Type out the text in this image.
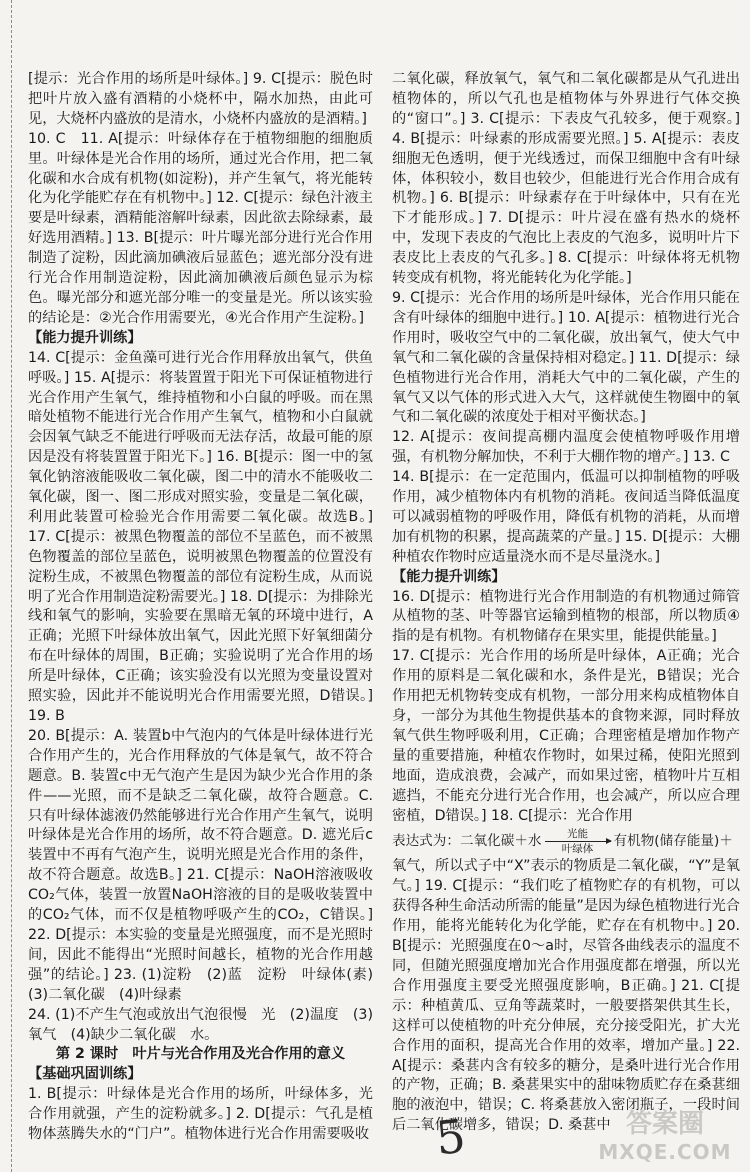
[提示：光合作用的场所是叶绿体。] 9. C[提示：脱色时把叶片放入盛有酒精的小烧杯中，隔水加热，由此可见，大烧杯内盛放的是清水，小烧杯内盛放的是酒精。]

10. C　11. A[提示：叶绿体存在于植物细胞的细胞质里。叶绿体是光合作用的场所，通过光合作用，把二氧化碳和水合成有机物(如淀粉)，并产生氧气，将光能转化为化学能贮存在有机物中。] 12. C[提示：绿色汁液主要是叶绿素，酒精能溶解叶绿素，因此欲去除绿素，最好选用酒精。] 13. B[提示：叶片曝光部分进行光合作用制造了淀粉，因此滴加碘液后显蓝色；遮光部分没有进行光合作用制造淀粉，因此滴加碘液后颜色显示为棕色。曝光部分和遮光部分唯一的变量是光。所以该实验的结论是：②光合作用需要光，④光合作用产生淀粉。]

【能力提升训练】

14. C[提示：金鱼藻可进行光合作用释放出氧气，供鱼呼吸。] 15. A[提示：将装置置于阳光下可保证植物进行光合作用产生氧气，维持植物和小白鼠的呼吸。而在黑暗处植物不能进行光合作用产生氧气，植物和小白鼠就会因氧气缺乏不能进行呼吸而无法存活，故最可能的原因是没有将装置置于阳光下。] 16. B[提示：图一中的氢氧化钠溶液能吸收二氧化碳，图二中的清水不能吸收二氧化碳，图一、图二形成对照实验，变量是二氧化碳，利用此装置可检验光合作用需要二氧化碳。故选B。] 17. C[提示：被黑色物覆盖的部位不呈蓝色，而不被黑色物覆盖的部位呈蓝色，说明被黑色物覆盖的位置没有淀粉生成，不被黑色物覆盖的部位有淀粉生成，从而说明了光合作用制造淀粉需要光。] 18. D[提示：为排除光线和氧气的影响，实验要在黑暗无氧的环境中进行，A正确；光照下叶绿体放出氧气，因此光照下好氧细菌分布在叶绿体的周围，B正确；实验说明了光合作用的场所是叶绿体，C正确；该实验没有以光照为变量设置对照实验，因此并不能说明光合作用需要光照，D错误。] 19. B

20. B[提示：A. 装置b中气泡内的气体是叶绿体进行光合作用产生的，光合作用释放的气体是氧气，故不符合题意。B. 装置c中无气泡产生是因为缺少光合作用的条件——光照，而不是缺乏二氧化碳，故符合题意。C. 只有叶绿体滤液仍然能够进行光合作用产生氧气，说明叶绿体是光合作用的场所，故不符合题意。D. 遮光后c装置中不再有气泡产生，说明光照是光合作用的条件，故不符合题意。故选B。] 21. C[提示：NaOH溶液吸收CO₂气体，装置一放置NaOH溶液的目的是吸收装置中的CO₂气体，而不仅是植物呼吸产生的CO₂，C错误。] 22. D[提示：本实验的变量是光照强度，而不是光照时间，因此不能得出“光照时间越长，植物的光合作用越强”的结论。] 23. (1)淀粉　(2)蓝　淀粉　叶绿体(素)　(3)二氧化碳　(4)叶绿素

24. (1)不产生气泡或放出气泡很慢　光　(2)温度　(3)氧气　(4)缺少二氧化碳　水。

第 2 课时　叶片与光合作用及光合作用的意义

【基础巩固训练】

1. B[提示：叶绿体是光合作用的场所，叶绿体多，光合作用就强，产生的淀粉就多。] 2. D[提示：气孔是植物体蒸腾失水的“门户”。植物体进行光合作用需要吸收

二氧化碳，释放氧气，氧气和二氧化碳都是从气孔进出植物体的，所以气孔也是植物体与外界进行气体交换的“窗口”。] 3. C[提示：下表皮气孔较多，便于观察。] 4. B[提示：叶绿素的形成需要光照。] 5. A[提示：表皮细胞无色透明，便于光线透过，而保卫细胞中含有叶绿体，体积较小，数目也较少，但能进行光合作用合成有机物。] 6. B[提示：叶绿素存在于叶绿体中，只有在光下才能形成。] 7. D[提示：叶片浸在盛有热水的烧杯中，发现下表皮的气泡比上表皮的气泡多，说明叶片下表皮比上表皮的气孔多。] 8. C[提示：叶绿体将无机物转变成有机物，将光能转化为化学能。]

9. C[提示：光合作用的场所是叶绿体，光合作用只能在含有叶绿体的细胞中进行。] 10. A[提示：植物进行光合作用时，吸收空气中的二氧化碳，放出氧气，使大气中氧气和二氧化碳的含量保持相对稳定。] 11. D[提示：绿色植物进行光合作用，消耗大气中的二氧化碳，产生的氧气又以气体的形式进入大气，这样就使生物圈中的氧气和二氧化碳的浓度处于相对平衡状态。]

12. A[提示：夜间提高棚内温度会使植物呼吸作用增强，有机物分解加快，不利于大棚作物的增产。] 13. C

14. B[提示：在一定范围内，低温可以抑制植物的呼吸作用，减少植物体内有机物的消耗。夜间适当降低温度可以减弱植物的呼吸作用，降低有机物的消耗，从而增加有机物的积累，提高蔬菜的产量。] 15. D[提示：大棚种植农作物时应适量浇水而不是尽量浇水。]

【能力提升训练】

16. D[提示：植物进行光合作用制造的有机物通过筛管从植物的茎、叶等器官运输到植物的根部，所以物质④指的是有机物。有机物储存在果实里，能提供能量。]

17. C[提示：光合作用的场所是叶绿体，A正确；光合作用的原料是二氧化碳和水，条件是光，B错误；光合作用把无机物转变成有机物，一部分用来构成植物体自身，一部分为其他生物提供基本的食物来源，同时释放氧气供生物呼吸利用，C正确；合理密植是增加作物产量的重要措施，种植农作物时，如果过稀，使阳光照到地面，造成浪费，会减产，而如果过密，植物叶片互相遮挡，不能充分进行光合作用，也会减产，所以应合理密植，D错误。] 18. C[提示：光合作用

表达式为：二氧化碳＋水 光能
叶绿体
有机物(储存能量)＋

氧气，所以式子中“X”表示的物质是二氧化碳，“Y”是氧气。] 19. C[提示：“我们吃了植物贮存的有机物，可以获得各种生命活动所需的能量”是因为绿色植物进行光合作用，能将光能转化为化学能，贮存在有机物中。] 20. B[提示：光照强度在0～a时，尽管各曲线表示的温度不同，但随光照强度增加光合作用强度都在增强，所以光合作用强度主要受光照强度影响，B正确。] 21. C[提示：种植黄瓜、豆角等蔬菜时，一般要搭架供其生长，这样可以使植物的叶充分伸展，充分接受阳光，扩大光合作用的面积，提高光合作用的效率，增加产量。] 22. A[提示：桑葚内含有较多的糖分，是桑叶进行光合作用的产物，正确；B. 桑葚果实中的甜味物质贮存在桑葚细胞的液泡中，错误；C. 将桑葚放入密闭瓶子，一段时间后二氧化碳增多，错误；D. 桑葚中

5	答案圈
MXQE.COM
